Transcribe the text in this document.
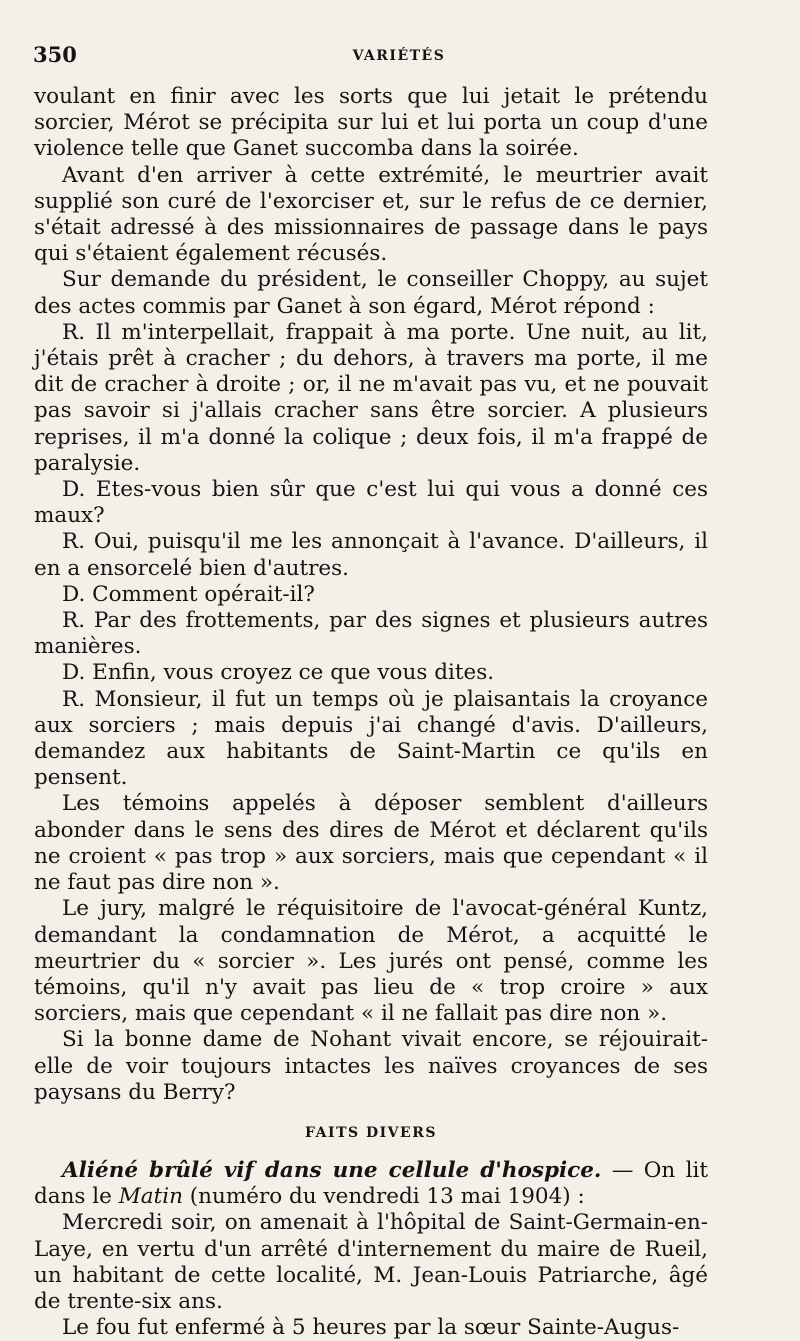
350	VARIÉTÉS

voulant en finir avec les sorts que lui jetait le prétendu sorcier, Mérot se précipita sur lui et lui porta un coup d'une violence telle que Ganet succomba dans la soirée.

Avant d'en arriver à cette extrémité, le meurtrier avait supplié son curé de l'exorciser et, sur le refus de ce dernier, s'était adressé à des missionnaires de passage dans le pays qui s'étaient également récusés.

Sur demande du président, le conseiller Choppy, au sujet des actes commis par Ganet à son égard, Mérot répond :

R. Il m'interpellait, frappait à ma porte. Une nuit, au lit, j'étais prêt à cracher ; du dehors, à travers ma porte, il me dit de cracher à droite ; or, il ne m'avait pas vu, et ne pouvait pas savoir si j'allais cracher sans être sorcier. A plusieurs reprises, il m'a donné la colique ; deux fois, il m'a frappé de paralysie.

D. Etes-vous bien sûr que c'est lui qui vous a donné ces maux?

R. Oui, puisqu'il me les annonçait à l'avance. D'ailleurs, il en a ensorcelé bien d'autres.

D. Comment opérait-il?

R. Par des frottements, par des signes et plusieurs autres manières.

D. Enfin, vous croyez ce que vous dites.

R. Monsieur, il fut un temps où je plaisantais la croyance aux sorciers ; mais depuis j'ai changé d'avis. D'ailleurs, demandez aux habitants de Saint-Martin ce qu'ils en pensent.

Les témoins appelés à déposer semblent d'ailleurs abonder dans le sens des dires de Mérot et déclarent qu'ils ne croient « pas trop » aux sorciers, mais que cependant « il ne faut pas dire non ».

Le jury, malgré le réquisitoire de l'avocat-général Kuntz, demandant la condamnation de Mérot, a acquitté le meurtrier du « sorcier ». Les jurés ont pensé, comme les témoins, qu'il n'y avait pas lieu de « trop croire » aux sorciers, mais que cependant « il ne fallait pas dire non ».

Si la bonne dame de Nohant vivait encore, se réjouirait-elle de voir toujours intactes les naïves croyances de ses paysans du Berry?

FAITS DIVERS

Aliéné brûlé vif dans une cellule d'hospice. — On lit dans le Matin (numéro du vendredi 13 mai 1904) :

Mercredi soir, on amenait à l'hôpital de Saint-Germain-en-Laye, en vertu d'un arrêté d'internement du maire de Rueil, un habitant de cette localité, M. Jean-Louis Patriarche, âgé de trente-six ans.

Le fou fut enfermé à 5 heures par la sœur Sainte-Augus-
